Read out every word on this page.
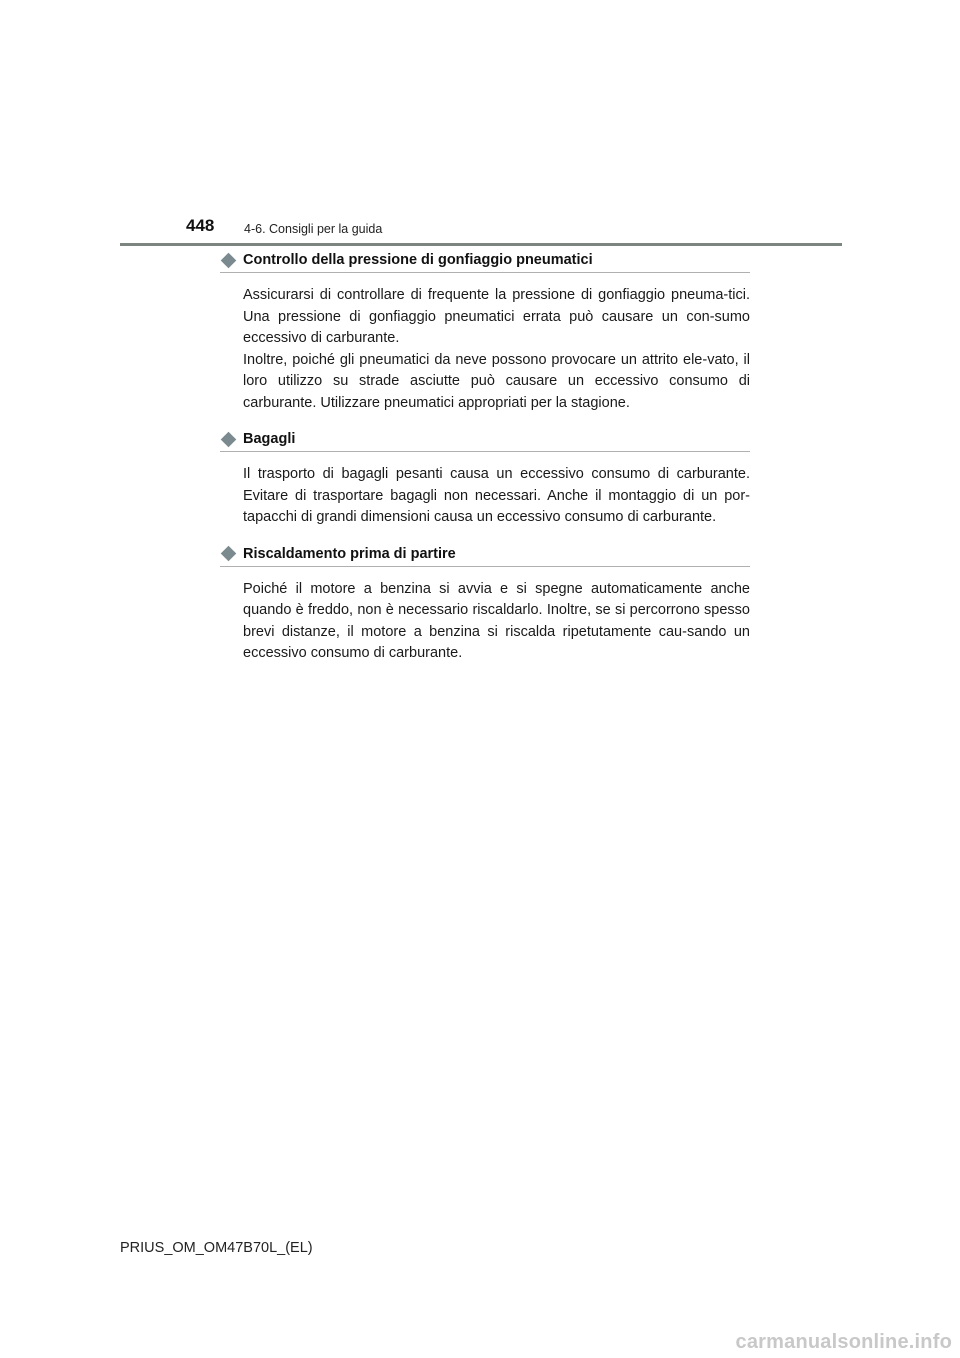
448 4-6. Consigli per la guida
Controllo della pressione di gonfiaggio pneumatici
Assicurarsi di controllare di frequente la pressione di gonfiaggio pneuma-tici. Una pressione di gonfiaggio pneumatici errata può causare un con-sumo eccessivo di carburante.
Inoltre, poiché gli pneumatici da neve possono provocare un attrito ele-vato, il loro utilizzo su strade asciutte può causare un eccessivo consumo di carburante. Utilizzare pneumatici appropriati per la stagione.
Bagagli
Il trasporto di bagagli pesanti causa un eccessivo consumo di carburante. Evitare di trasportare bagagli non necessari. Anche il montaggio di un por-tapacchi di grandi dimensioni causa un eccessivo consumo di carburante.
Riscaldamento prima di partire
Poiché il motore a benzina si avvia e si spegne automaticamente anche quando è freddo, non è necessario riscaldarlo. Inoltre, se si percorrono spesso brevi distanze, il motore a benzina si riscalda ripetutamente cau-sando un eccessivo consumo di carburante.
PRIUS_OM_OM47B70L_(EL)
carmanualsonline.info
